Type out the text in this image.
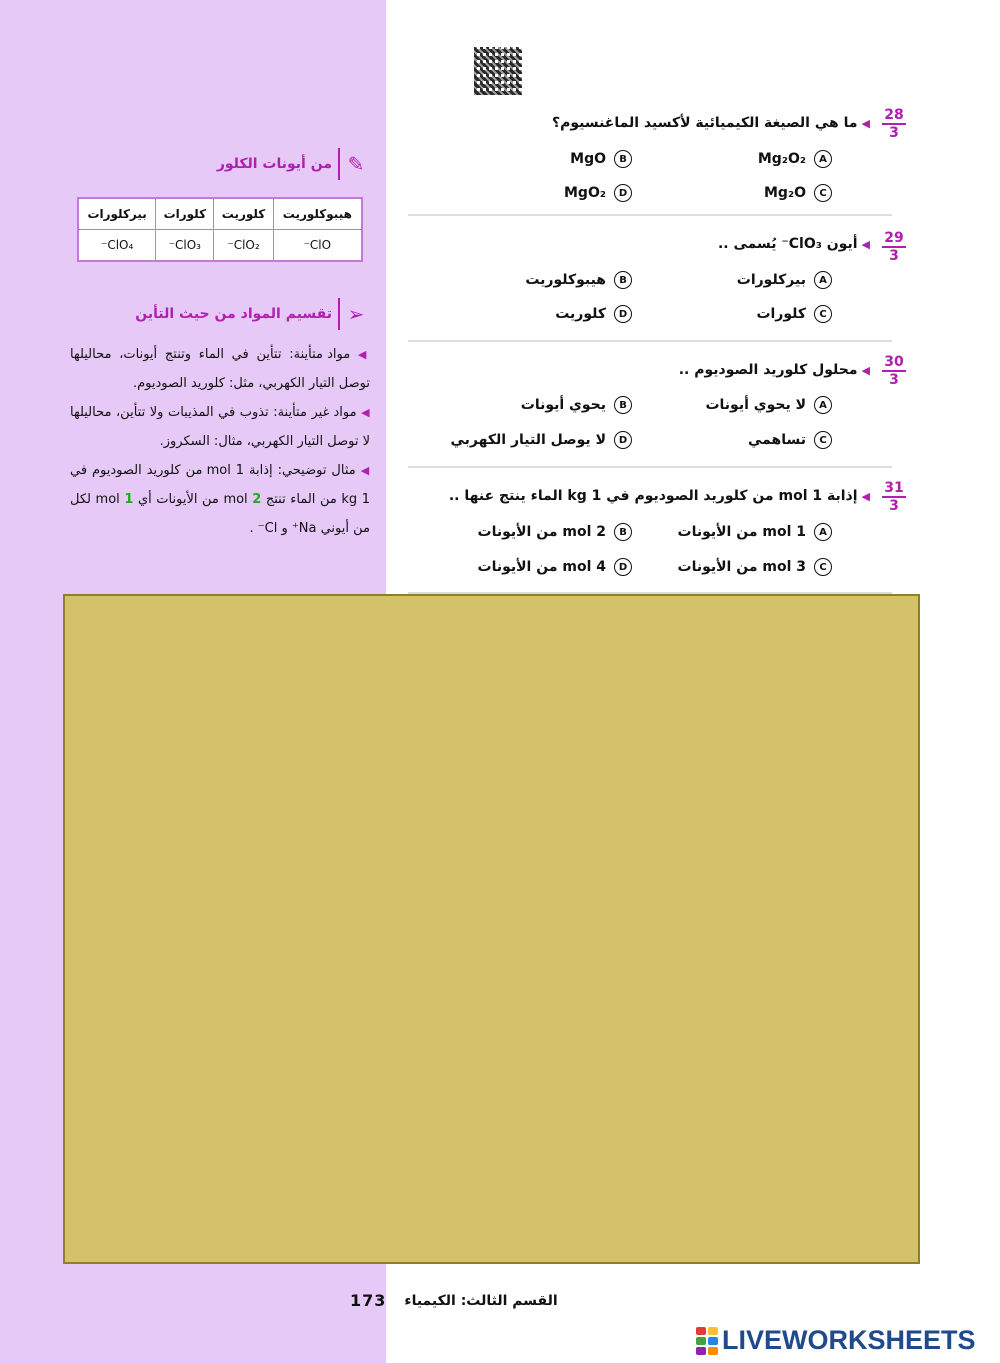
✎
من أيونات الكلور
هيبوكلوريت	كلوريت	كلورات	بيركلورات
ClO⁻	ClO₂⁻	ClO₃⁻	ClO₄⁻
➢
تقسيم المواد من حيث التأين
◀ مواد متأينة: تتأين في الماء وتنتج أيونات، محاليلها توصل التيار الكهربي، مثل: كلوريد الصوديوم.
◀ مواد غير متأينة: تذوب في المذيبات ولا تتأين، محاليلها لا توصل التيار الكهربي، مثال: السكروز.
◀ مثال توضيحي: إذابة 1 mol من كلوريد الصوديوم في 1 kg من الماء تنتج 2 mol من الأيونات أي 1 mol لكل من أيوني Na⁺ و Cl⁻ .
28
3
◀ما هي الصيغة الكيميائية لأكسيد الماغنسيوم؟
A
Mg₂O₂
B
MgO
C
Mg₂O
D
MgO₂
29
3
◀أيون ClO₃⁻ يُسمى ..
A
بيركلورات
B
هيبوكلوريت
C
كلورات
D
كلوريت
30
3
◀محلول كلوريد الصوديوم ..
A
لا يحوي أيونات
B
يحوي أيونات
C
تساهمي
D
لا يوصل التيار الكهربي
31
3
◀إذابة 1 mol من كلوريد الصوديوم في 1 kg الماء ينتج عنها ..
A
1 mol من الأيونات
B
2 mol من الأيونات
C
3 mol من الأيونات
D
4 mol من الأيونات
القسم الثالث: الكيمياء
173
LIVEWORKSHEETS
